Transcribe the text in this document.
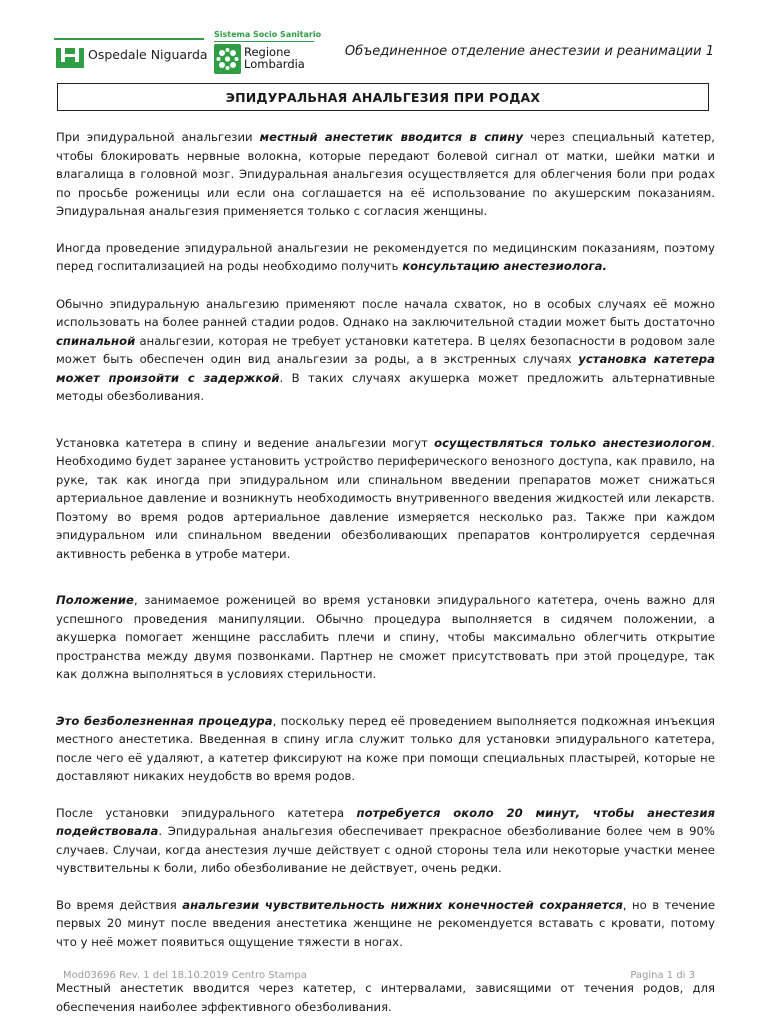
Ospedale Niguarda
Sistema Socio Sanitario
Regione
Lombardia
Объединенное отделение анестезии и реанимации 1
ЭПИДУРАЛЬНАЯ АНАЛЬГЕЗИЯ ПРИ РОДАХ

При эпидуральной анальгезии местный анестетик вводится в спину через специальный катетер, чтобы блокировать нервные волокна, которые передают болевой сигнал от матки, шейки матки и влагалища в головной мозг. Эпидуральная анальгезия осуществляется для облегчения боли при родах по просьбе роженицы или если она соглашается на её использование по акушерским показаниям. Эпидуральная анальгезия применяется только с согласия женщины.

Иногда проведение эпидуральной анальгезии не рекомендуется по медицинским показаниям, поэтому перед госпитализацией на роды необходимо получить консультацию анестезиолога.

Обычно эпидуральную анальгезию применяют после начала схваток, но в особых случаях её можно использовать на более ранней стадии родов. Однако на заключительной стадии может быть достаточно спинальной анальгезии, которая не требует установки катетера. В целях безопасности в родовом зале может быть обеспечен один вид анальгезии за роды, а в экстренных случаях установка катетера может произойти с задержкой. В таких случаях акушерка может предложить альтернативные методы обезболивания.

Установка катетера в спину и ведение анальгезии могут осуществляться только анестезиологом. Необходимо будет заранее установить устройство периферического венозного доступа, как правило, на руке, так как иногда при эпидуральном или спинальном введении препаратов может снижаться артериальное давление и возникнуть необходимость внутривенного введения жидкостей или лекарств. Поэтому во время родов артериальное давление измеряется несколько раз. Также при каждом эпидуральном или спинальном введении обезболивающих препаратов контролируется сердечная активность ребенка в утробе матери.

Положение, занимаемое роженицей во время установки эпидурального катетера, очень важно для успешного проведения манипуляции. Обычно процедура выполняется в сидячем положении, а акушерка помогает женщине расслабить плечи и спину, чтобы максимально облегчить открытие пространства между двумя позвонками. Партнер не сможет присутствовать при этой процедуре, так как должна выполняться в условиях стерильности.

Это безболезненная процедура, поскольку перед её проведением выполняется подкожная инъекция местного анестетика. Введенная в спину игла служит только для установки эпидурального катетера, после чего её удаляют, а катетер фиксируют на коже при помощи специальных пластырей, которые не доставляют никаких неудобств во время родов.

После установки эпидурального катетера потребуется около 20 минут, чтобы анестезия подействовала. Эпидуральная анальгезия обеспечивает прекрасное обезболивание более чем в 90% случаев. Случаи, когда анестезия лучше действует с одной стороны тела или некоторые участки менее чувствительны к боли, либо обезболивание не действует, очень редки.

Во время действия анальгезии чувствительность нижних конечностей сохраняется, но в течение первых 20 минут после введения анестетика женщине не рекомендуется вставать с кровати, потому что у неё может появиться ощущение тяжести в ногах.

Местный анестетик вводится через катетер, с интервалами, зависящими от течения родов, для обеспечения наиболее эффективного обезболивания.

Mod03696 Rev. 1 del 18.10.2019 Centro Stampa	Pagina 1 di 3
